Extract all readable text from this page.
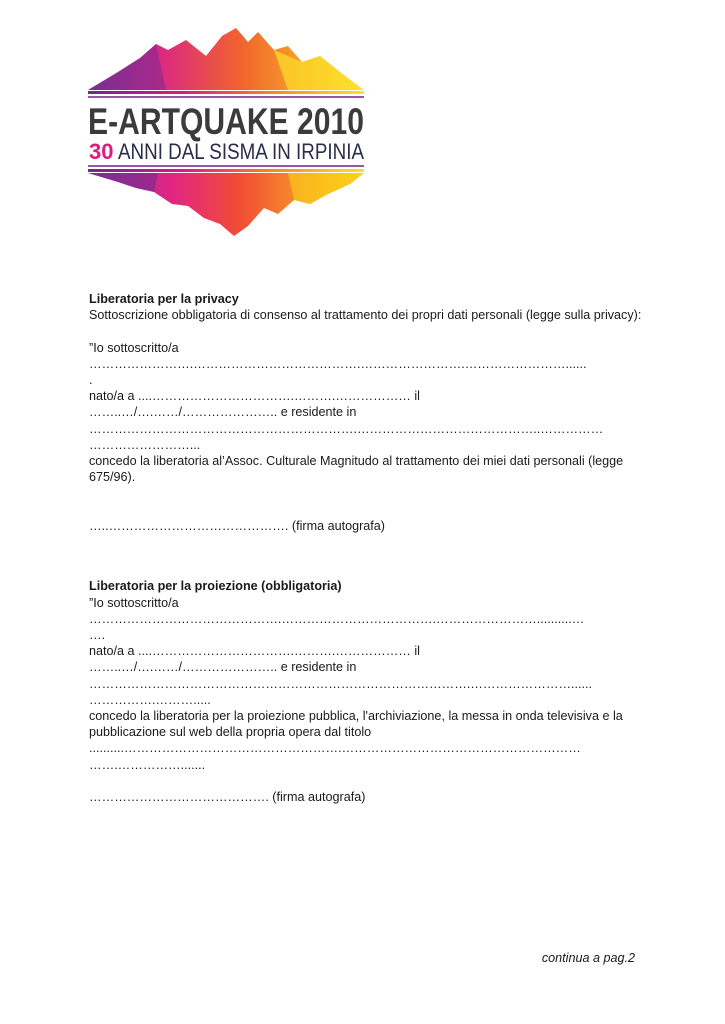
E-ARTQUAKE 2010
30 ANNI DAL SISMA IN IRPINIA

Liberatoria per la privacy

Sottoscrizione obbligatoria di consenso al trattamento dei propri dati personali (legge sulla privacy):

”Io sottoscritto/a

…………………….………………………………….…………………….……………………......

.

nato/a a ....…………………………….……….……………… il

……..…/….……/………………….. e residente in

……………………………………………………….……………………………………..……………

……………………...

concedo la liberatoria al’Assoc. Culturale Magnitudo al trattamento dei miei dati personali (legge 675/96).

…..……………………………………. (firma autografa)

Liberatoria per la proiezione (obbligatoria)

”Io sottoscritto/a

……………………………………….……………………………….……………………..........…

….

nato/a a ....…………………………….……….……………… il

……..…/….……/………………….. e residente in

……………………………………………………………………………….……………………......

…………….……….....

concedo la liberatoria per la proiezione pubblica, l'archiviazione, la messa in onda televisiva e la pubblicazione sul web della propria opera dal titolo

..........…………………………………………….…………………………………………………

…….…………….......

……………………………………. (firma autografa)

continua a pag.2
